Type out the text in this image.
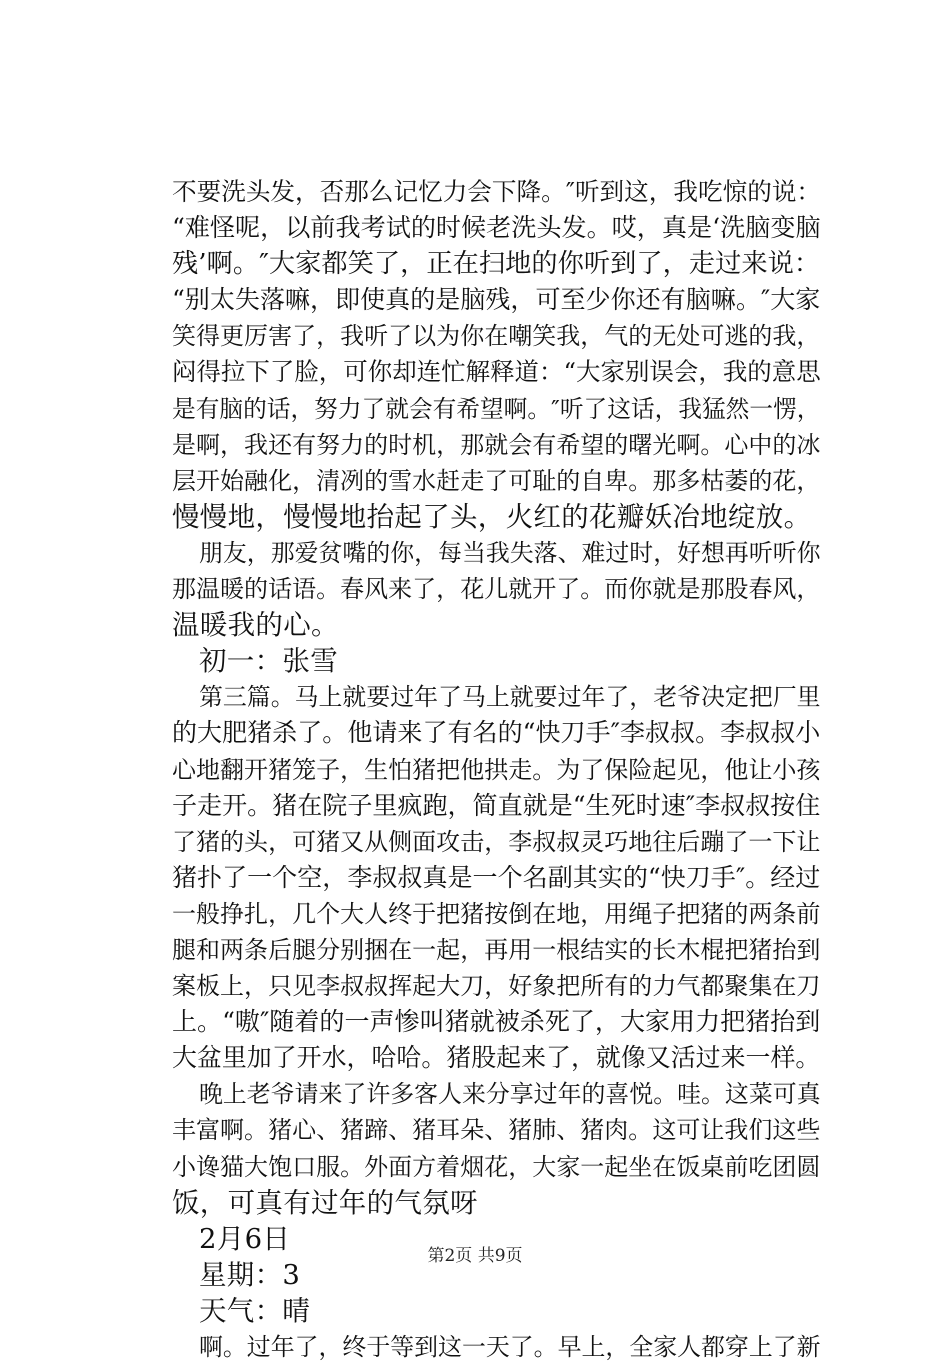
不要洗头发，否那么记忆力会下降。″听到这，我吃惊的说：
“难怪呢，以前我考试的时候老洗头发。哎，真是‘洗脑变脑
残’啊。″大家都笑了，正在扫地的你听到了，走过来说：
“别太失落嘛，即使真的是脑残，可至少你还有脑嘛。″大家
笑得更厉害了，我听了以为你在嘲笑我，气的无处可逃的我，
闷得拉下了脸，可你却连忙解释道：“大家别误会，我的意思
是有脑的话，努力了就会有希望啊。″听了这话，我猛然一愣，
是啊，我还有努力的时机，那就会有希望的曙光啊。心中的冰
层开始融化，清冽的雪水赶走了可耻的自卑。那多枯萎的花，
慢慢地，慢慢地抬起了头，火红的花瓣妖冶地绽放。
朋友，那爱贫嘴的你，每当我失落、难过时，好想再听听你
那温暖的话语。春风来了，花儿就开了。而你就是那股春风，
温暖我的心。
初一：张雪
第三篇。马上就要过年了马上就要过年了，老爷决定把厂里
的大肥猪杀了。他请来了有名的“快刀手″李叔叔。李叔叔小
心地翻开猪笼子，生怕猪把他拱走。为了保险起见，他让小孩
子走开。猪在院子里疯跑，简直就是“生死时速″李叔叔按住
了猪的头，可猪又从侧面攻击，李叔叔灵巧地往后蹦了一下让
猪扑了一个空，李叔叔真是一个名副其实的“快刀手″。经过
一般挣扎，几个大人终于把猪按倒在地，用绳子把猪的两条前
腿和两条后腿分别捆在一起，再用一根结实的长木棍把猪抬到
案板上，只见李叔叔挥起大刀，好象把所有的力气都聚集在刀
上。“嗷″随着的一声惨叫猪就被杀死了，大家用力把猪抬到
大盆里加了开水，哈哈。猪股起来了，就像又活过来一样。
晚上老爷请来了许多客人来分享过年的喜悦。哇。这菜可真
丰富啊。猪心、猪蹄、猪耳朵、猪肺、猪肉。这可让我们这些
小谗猫大饱口服。外面方着烟花，大家一起坐在饭桌前吃团圆
饭，可真有过年的气氛呀
2月6日
星期：3
天气：晴
啊。过年了，终于等到这一天了。早上，全家人都穿上了新
第2页 共9页
